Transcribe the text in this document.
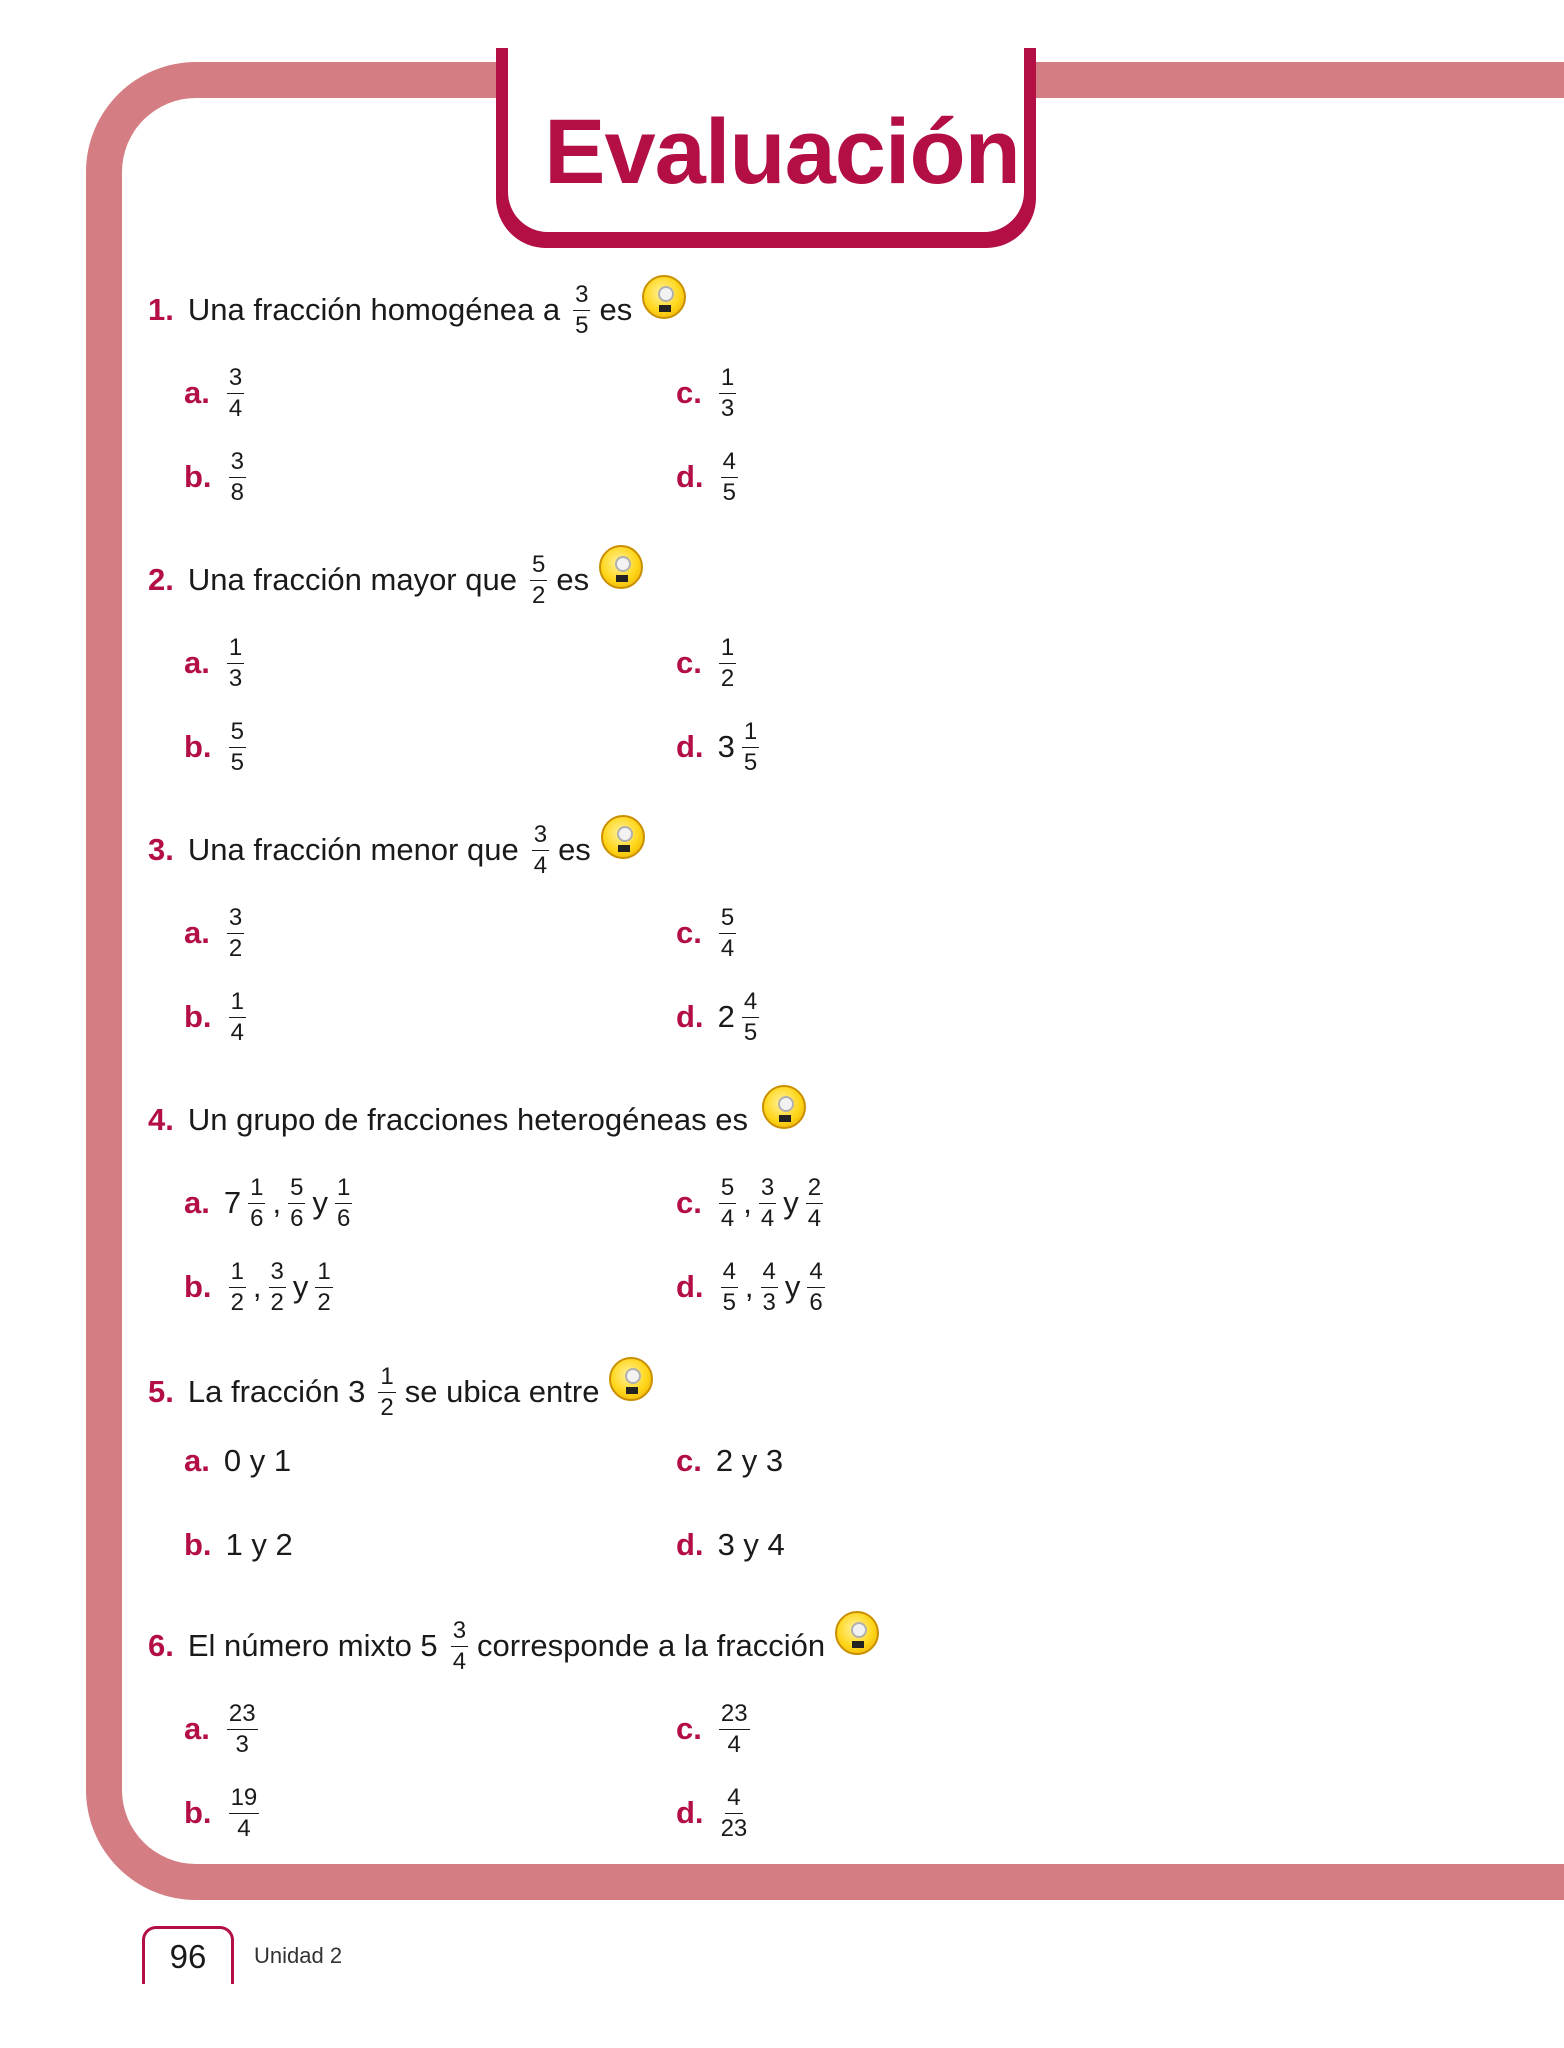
Evaluación
1. Una fracción homogénea a $\frac{3}{5}$ es
a. $\frac{3}{4}$
b. $\frac{3}{8}$
c. $\frac{1}{3}$
d. $\frac{4}{5}$
2. Una fracción mayor que $\frac{5}{2}$ es
a. $\frac{1}{3}$
b. $\frac{5}{5}$
c. $\frac{1}{2}$
d. $3 \frac{1}{5}$
3. Una fracción menor que $\frac{3}{4}$ es
a. $\frac{3}{2}$
b. $\frac{1}{4}$
c. $\frac{5}{4}$
d. $2 \frac{4}{5}$
4. Un grupo de fracciones heterogéneas es
a. $7 \frac{1}{6}$ , $\frac{5}{6}$ y $\frac{1}{6}$
b. $\frac{1}{2}$ , $\frac{3}{2}$ y $\frac{1}{2}$
c. $\frac{5}{4}$ , $\frac{3}{4}$ y $\frac{2}{4}$
d. $\frac{4}{5}$ , $\frac{4}{3}$ y $\frac{4}{6}$
5. La fracción $3 \frac{1}{2}$ se ubica entre
a. 0 y 1
b. 1 y 2
c. 2 y 3
d. 3 y 4
6. El número mixto $5 \frac{3}{4}$ corresponde a la fracción
a. $\frac{23}{3}$
b. $\frac{19}{4}$
c. $\frac{23}{4}$
d. $\frac{4}{23}$
96	Unidad 2
